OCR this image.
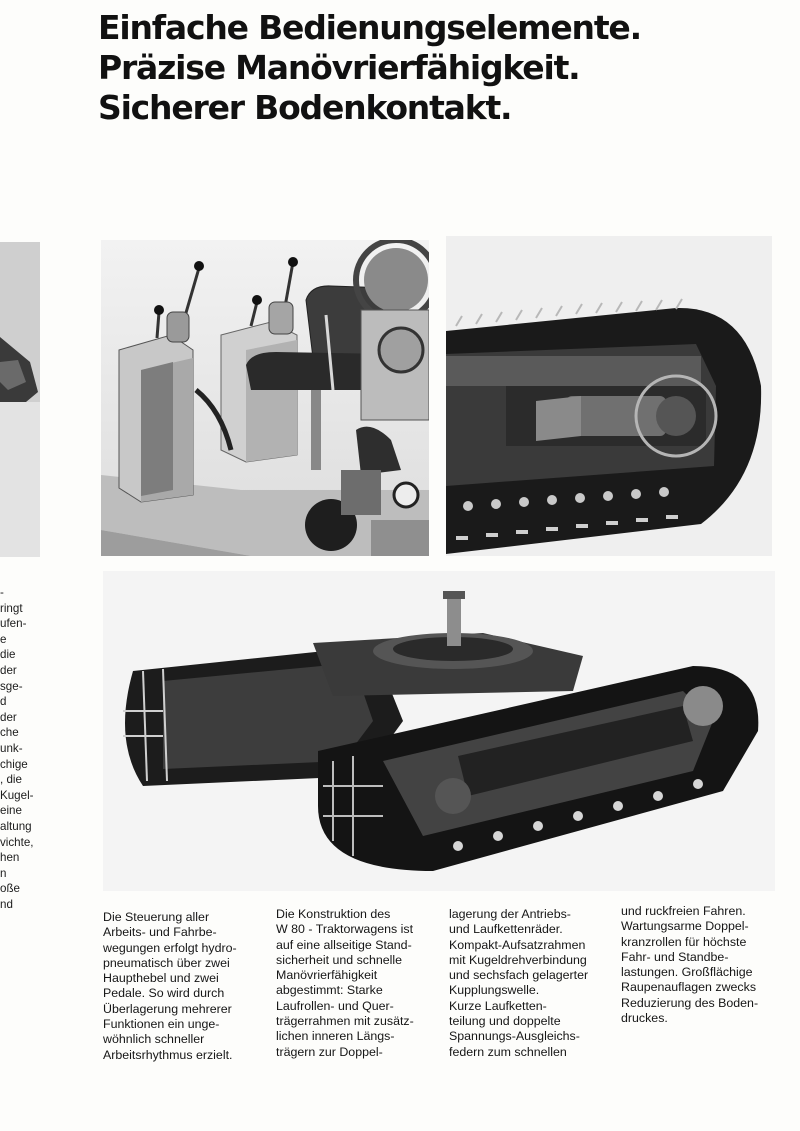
Einfache Bedienungselemente.
Präzise Manövrierfähigkeit.
Sicherer Bodenkontakt.
-
ringt
ufen-
e
die
der
sge-
d
der
che
unk-
chige
, die
Kugel-
eine
altung
vichte,
hen
n
oße
nd
Die Steuerung aller
Arbeits- und Fahrbe-
wegungen erfolgt hydro-
pneumatisch über zwei
Haupthebel und zwei
Pedale. So wird durch
Überlagerung mehrerer
Funktionen ein unge-
wöhnlich schneller
Arbeitsrhythmus erzielt.
Die Konstruktion des
W 80 - Traktorwagens ist
auf eine allseitige Stand-
sicherheit und schnelle
Manövrierfähigkeit
abgestimmt: Starke
Laufrollen- und Quer-
trägerrahmen mit zusätz-
lichen inneren Längs-
trägern zur Doppel-
lagerung der Antriebs-
und Laufkettenräder.
Kompakt-Aufsatzrahmen
mit Kugeldrehverbindung
und sechsfach gelagerter
Kupplungswelle.
Kurze Laufketten-
teilung und doppelte
Spannungs-Ausgleichs-
federn zum schnellen
und ruckfreien Fahren.
Wartungsarme Doppel-
kranzrollen für höchste
Fahr- und Standbe-
lastungen. Großflächige
Raupenauflagen zwecks
Reduzierung des Boden-
druckes.
